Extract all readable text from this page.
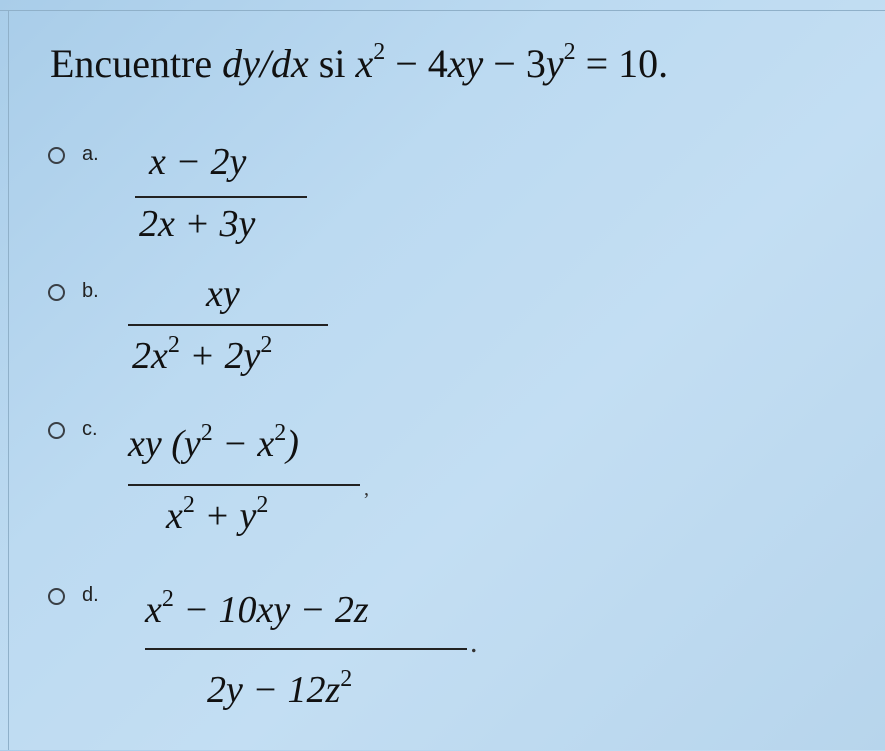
Encuentre dy/dx si $x^2 - 4xy - 3y^2 = 10$.
a. x − 2y
2x + 3y
b.	xy
$2x^2 + 2y^2$
c. xy $(y^2 - x^2)$
$x^2 + y^2$
,
d. $x^2 - 10xy - 2z$
$2y - 12z^2$
.
